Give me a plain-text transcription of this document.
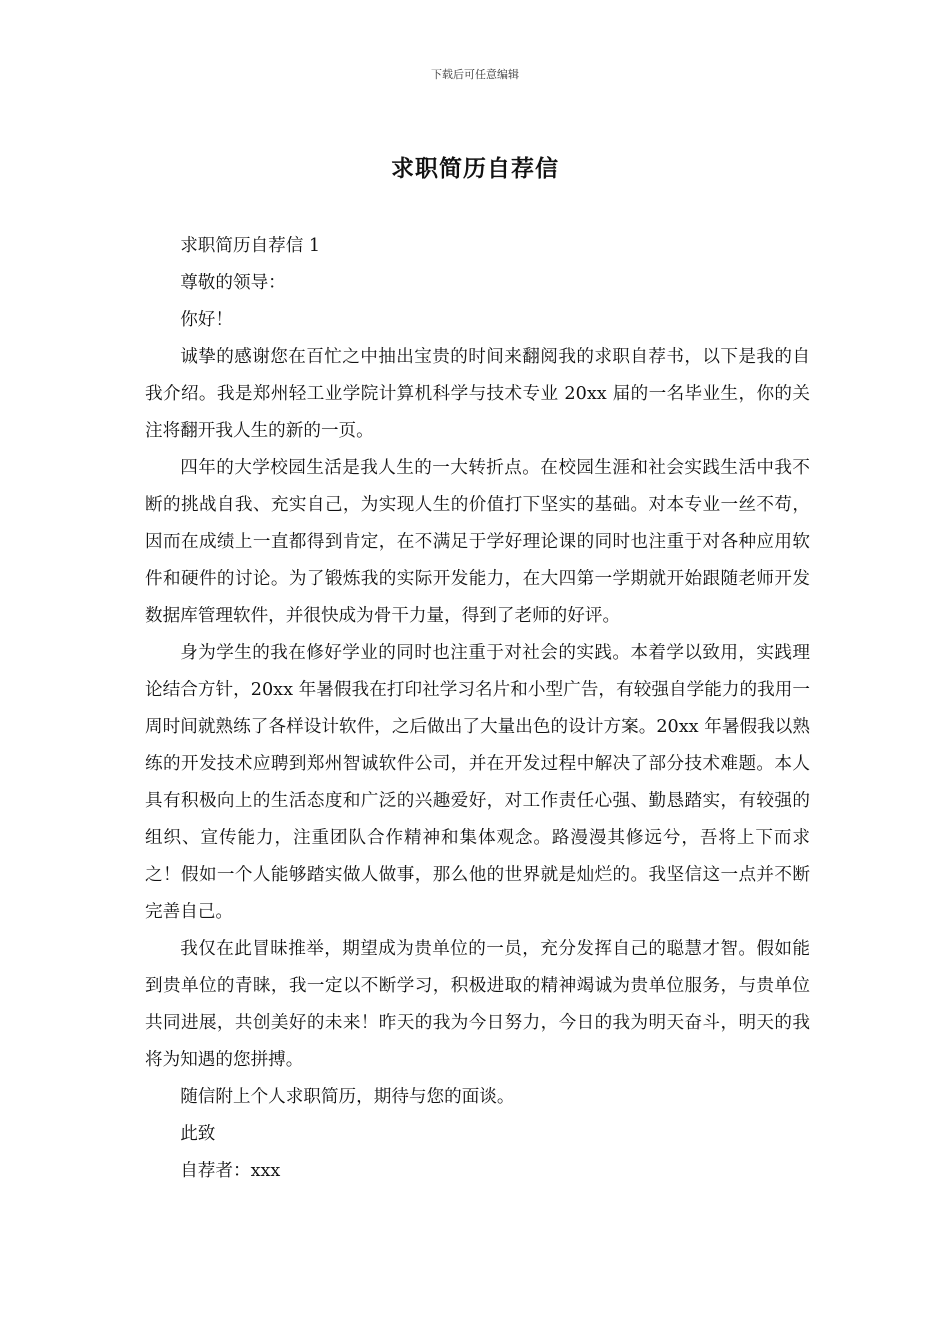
下载后可任意编辑
求职简历自荐信

求职简历自荐信 1

尊敬的领导：

你好！

诚挚的感谢您在百忙之中抽出宝贵的时间来翻阅我的求职自荐书，以下是我的自我介绍。我是郑州轻工业学院计算机科学与技术专业 20xx 届的一名毕业生，你的关注将翻开我人生的新的一页。

四年的大学校园生活是我人生的一大转折点。在校园生涯和社会实践生活中我不断的挑战自我、充实自己，为实现人生的价值打下坚实的基础。对本专业一丝不苟，因而在成绩上一直都得到肯定，在不满足于学好理论课的同时也注重于对各种应用软件和硬件的讨论。为了锻炼我的实际开发能力，在大四第一学期就开始跟随老师开发数据库管理软件，并很快成为骨干力量，得到了老师的好评。

身为学生的我在修好学业的同时也注重于对社会的实践。本着学以致用，实践理论结合方针，20xx 年暑假我在打印社学习名片和小型广告，有较强自学能力的我用一周时间就熟练了各样设计软件，之后做出了大量出色的设计方案。20xx 年暑假我以熟练的开发技术应聘到郑州智诚软件公司，并在开发过程中解决了部分技术难题。本人具有积极向上的生活态度和广泛的兴趣爱好，对工作责任心强、勤恳踏实，有较强的组织、宣传能力，注重团队合作精神和集体观念。路漫漫其修远兮，吾将上下而求之！假如一个人能够踏实做人做事，那么他的世界就是灿烂的。我坚信这一点并不断完善自己。

我仅在此冒昧推举，期望成为贵单位的一员，充分发挥自己的聪慧才智。假如能到贵单位的青睐，我一定以不断学习，积极进取的精神竭诚为贵单位服务，与贵单位共同进展，共创美好的未来！昨天的我为今日努力，今日的我为明天奋斗，明天的我将为知遇的您拼搏。

随信附上个人求职简历，期待与您的面谈。

此致

自荐者：xxx
